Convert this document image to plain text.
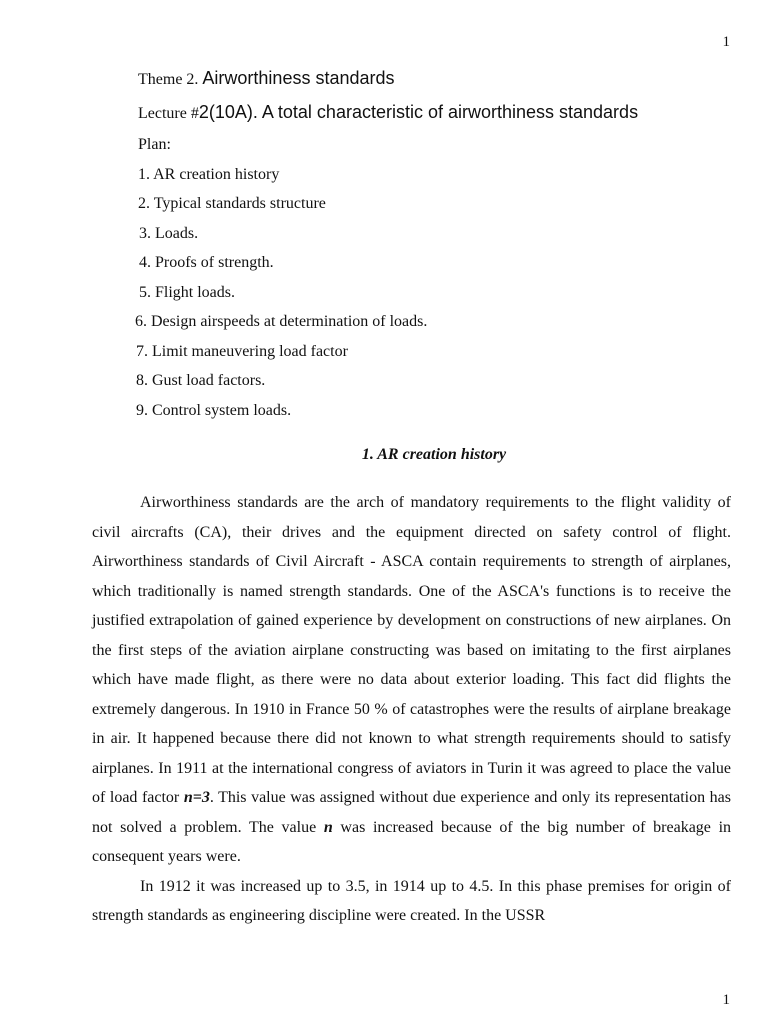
1
Theme 2. Airworthiness standards
Lecture #2(10A). A total characteristic of airworthiness standards
Plan:
1. AR creation history
2. Typical standards structure
3. Loads.
4. Proofs of strength.
5. Flight loads.
6. Design airspeeds at determination of loads.
7. Limit maneuvering load factor
8. Gust load factors.
9. Control system loads.
1. AR creation history

Airworthiness standards are the arch of mandatory requirements to the flight validity of civil aircrafts (CA), their drives and the equipment directed on safety control of flight. Airworthiness standards of Civil Aircraft - ASCA contain requirements to strength of airplanes, which traditionally is named strength standards. One of the ASCA's functions is to receive the justified extrapolation of gained experience by development on constructions of new airplanes. On the first steps of the aviation airplane constructing was based on imitating to the first airplanes which have made flight, as there were no data about exterior loading. This fact did flights the extremely dangerous. In 1910 in France 50 % of catastrophes were the results of airplane breakage in air. It happened because there did not known to what strength requirements should to satisfy airplanes. In 1911 at the international congress of aviators in Turin it was agreed to place the value of load factor n=3. This value was assigned without due experience and only its representation has not solved a problem. The value n was increased because of the big number of breakage in consequent years were.

In 1912 it was increased up to 3.5, in 1914 up to 4.5. In this phase premises for origin of strength standards as engineering discipline were created. In the USSR

1
